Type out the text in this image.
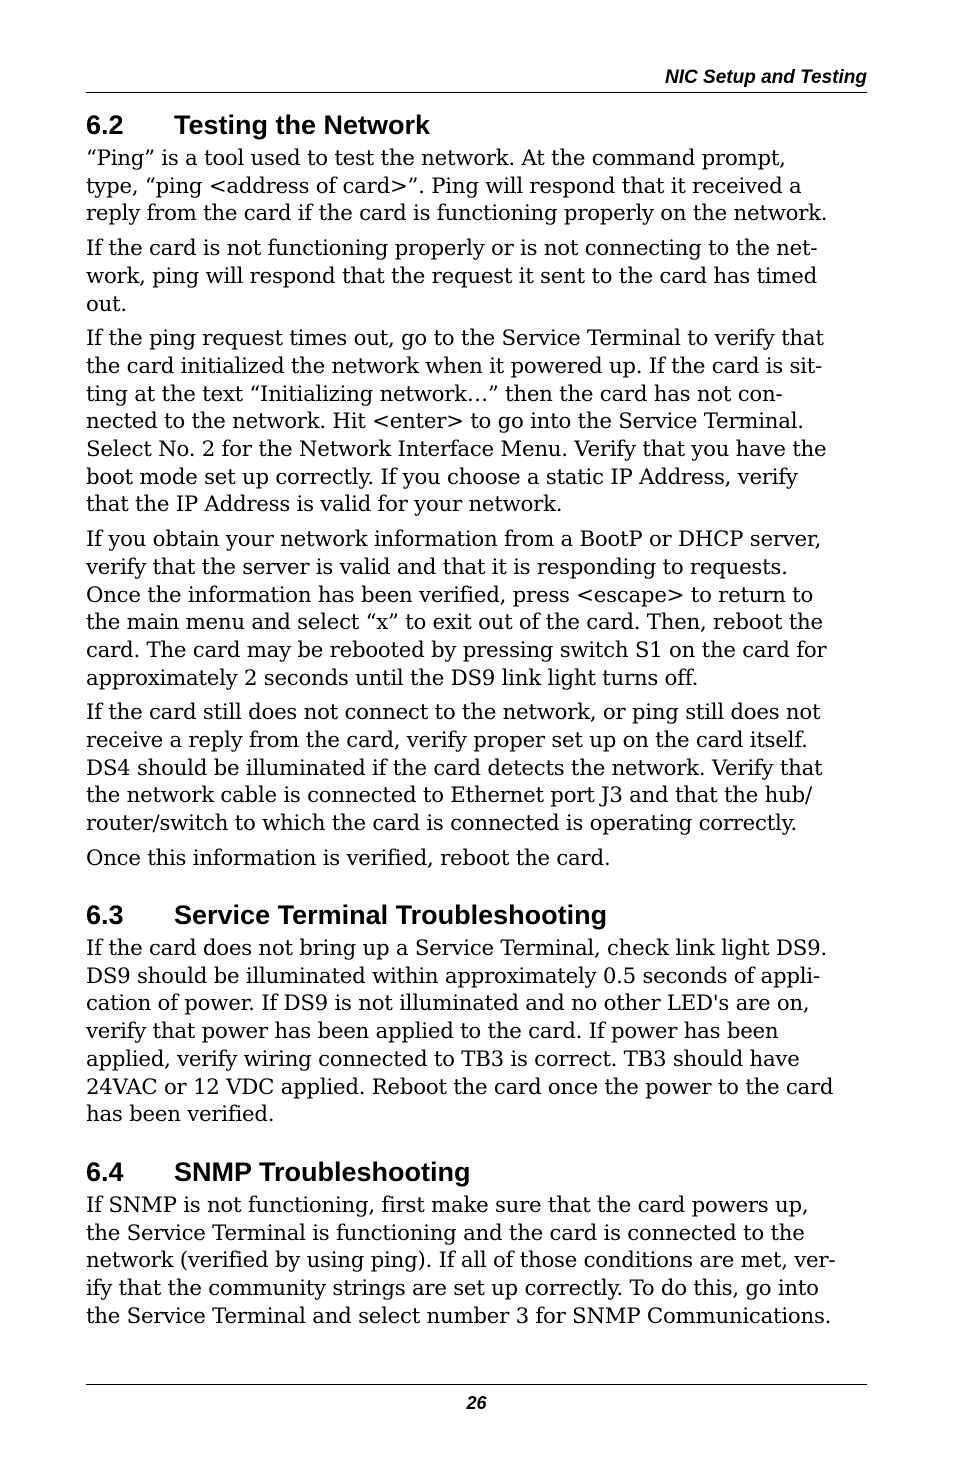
NIC Setup and Testing
6.2 Testing the Network

“Ping” is a tool used to test the network. At the command prompt,
type, “ping <address of card>”. Ping will respond that it received a
reply from the card if the card is functioning properly on the network.

If the card is not functioning properly or is not connecting to the net-
work, ping will respond that the request it sent to the card has timed
out.

If the ping request times out, go to the Service Terminal to verify that
the card initialized the network when it powered up. If the card is sit-
ting at the text “Initializing network…” then the card has not con-
nected to the network. Hit <enter> to go into the Service Terminal.
Select No. 2 for the Network Interface Menu. Verify that you have the
boot mode set up correctly. If you choose a static IP Address, verify
that the IP Address is valid for your network.

If you obtain your network information from a BootP or DHCP server,
verify that the server is valid and that it is responding to requests.
Once the information has been verified, press <escape> to return to
the main menu and select “x” to exit out of the card. Then, reboot the
card. The card may be rebooted by pressing switch S1 on the card for
approximately 2 seconds until the DS9 link light turns off.

If the card still does not connect to the network, or ping still does not
receive a reply from the card, verify proper set up on the card itself.
DS4 should be illuminated if the card detects the network. Verify that
the network cable is connected to Ethernet port J3 and that the hub/
router/switch to which the card is connected is operating correctly.

Once this information is verified, reboot the card.

6.3 Service Terminal Troubleshooting

If the card does not bring up a Service Terminal, check link light DS9.
DS9 should be illuminated within approximately 0.5 seconds of appli-
cation of power. If DS9 is not illuminated and no other LED's are on,
verify that power has been applied to the card. If power has been
applied, verify wiring connected to TB3 is correct. TB3 should have
24VAC or 12 VDC applied. Reboot the card once the power to the card
has been verified.

6.4 SNMP Troubleshooting

If SNMP is not functioning, first make sure that the card powers up,
the Service Terminal is functioning and the card is connected to the
network (verified by using ping). If all of those conditions are met, ver-
ify that the community strings are set up correctly. To do this, go into
the Service Terminal and select number 3 for SNMP Communications.

26
